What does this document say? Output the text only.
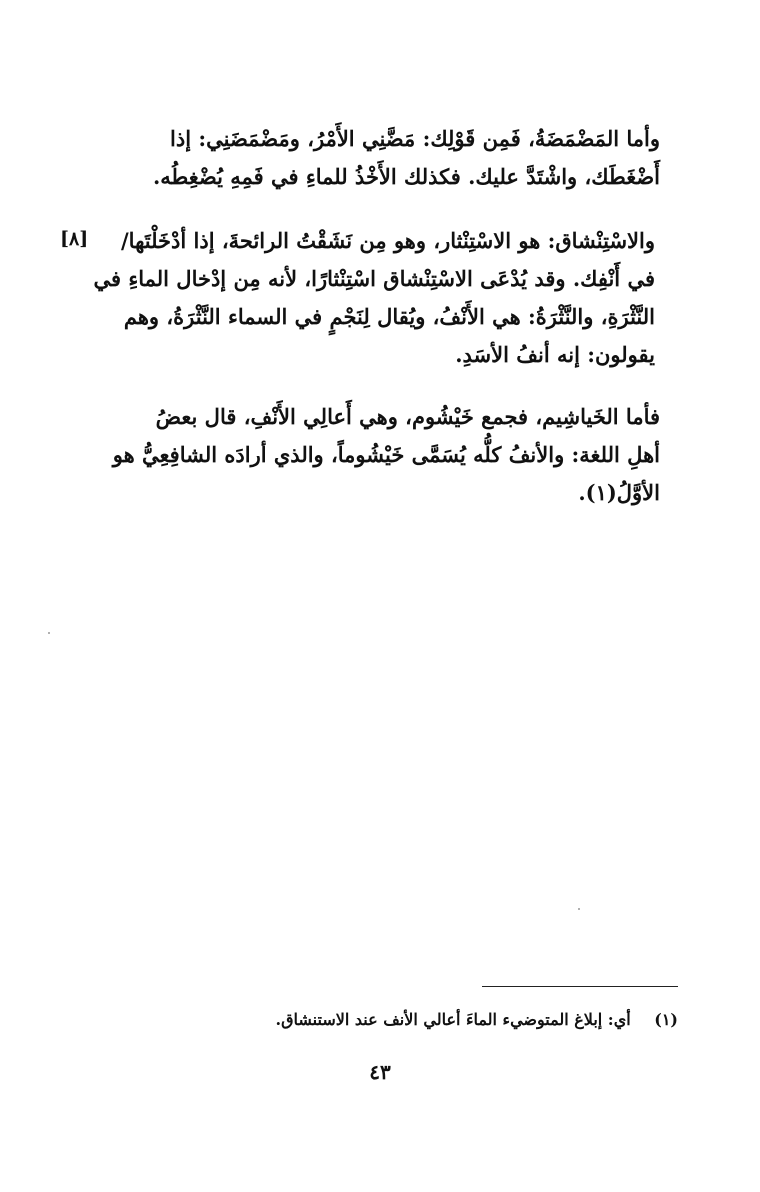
وأما المَضْمَضَةُ، فَمِن قَوْلِك: مَضَّنِي الأَمْرُ، ومَضْمَضَنِي: إذا
أَضْغَطَك، واشْتَدَّ عليك. فكذلك الأَخْذُ للماءِ في فَمِهِ يُضْغِطُه.
[٨]	والاسْتِنْشاق: هو الاسْتِنْثار، وهو مِن نَشَقْتُ الرائحةَ، إذا أدْخَلْتَها/
في أَنْفِك. وقد يُدْعَى الاسْتِنْشاق اسْتِنْثارًا، لأنه مِن إدْخال الماءِ في
النَّثْرَةِ، والنَّثْرَةُ: هي الأَنْفُ، ويُقال لِنَجْمٍ في السماء النَّثْرَةُ، وهم
يقولون: إنه أنفُ الأسَدِ.
فأما الخَياشِيم، فجمع خَيْشُوم، وهي أَعالِي الأَنْفِ، قال بعضُ
أهلِ اللغة: والأنفُ كلُّه يُسَمَّى خَيْشُوماً، والذي أرادَه الشافِعِيُّ هو
الأوَّلُ(١).
(١) أي: إبلاغ المتوضيء الماءَ أعالي الأنف عند الاستنشاق.
٤٣
